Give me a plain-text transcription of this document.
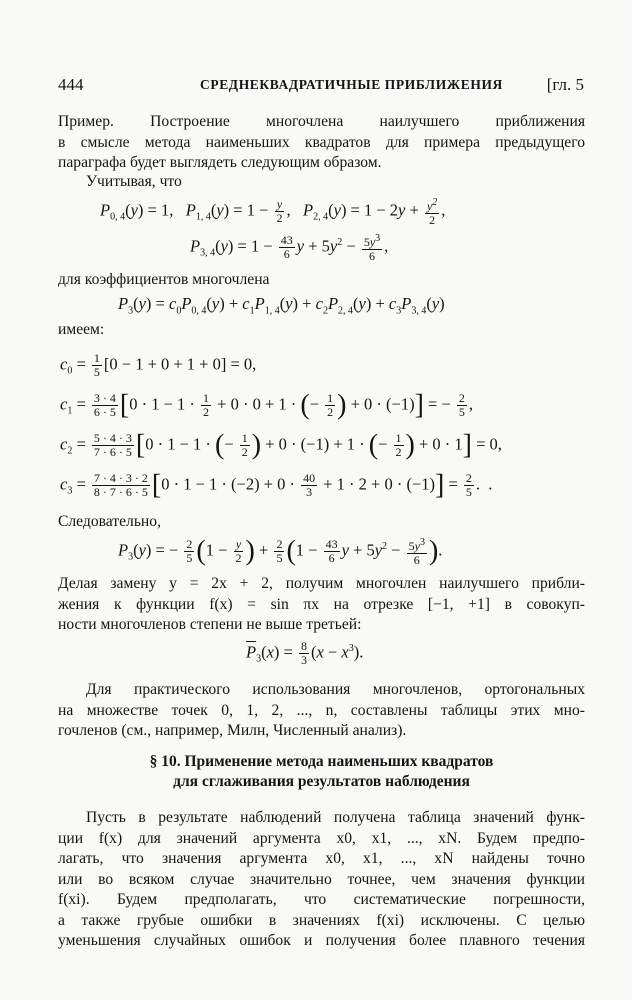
444	СРЕДНЕКВАДРАТИЧНЫЕ ПРИБЛИЖЕНИЯ	[гл. 5
Пример. Построение многочлена наилучшего приближения
в смысле метода наименьших квадратов для примера предыдущего
параграфа будет выглядеть следующим образом.
Учитывая, что
$P_{0, 4}(y) = 1$,   $P_{1, 4}(y) = 1 - \frac{y}{2}$ ,   $P_{2, 4}(y) = 1 - 2y + \frac{y^2}{2}$ ,
$P_{3, 4}(y) = 1 - \frac{43}{6}$ $y + 5y^2 - \frac{5y^3}{6}$ ,
для коэффициентов многочлена
$P_3(y) = c_0P_{0, 4}(y) + c_1P_{1, 4}(y) + c_2P_{2, 4}(y) + c_3P_{3, 4}(y)$
имеем:
$c_0 = \frac{1}{5} [0 - 1 + 0 + 1 + 0] = 0$,
$c_1 = \frac{3 \cdot 4}{6 \cdot 5} [0 \cdot 1 - 1 \cdot \frac{1}{2} + 0 \cdot 0 + 1$ · (− $\frac{1}{2}$ ) + 0 · (−1)] = − $\frac{2}{5}$ ,
$c_2 = \frac{5 \cdot 4 \cdot 3}{7 \cdot 6 \cdot 5} [0 \cdot 1 - 1$ · (− $\frac{1}{2}$ ) + 0 · (−1) + 1 · (− $\frac{1}{2}$ ) + 0 · 1] = 0,
$c_3 = \frac{7 \cdot 4 \cdot 3 \cdot 2}{8 \cdot 7 \cdot 6 \cdot 5} [0 \cdot 1 - 1 \cdot (-2) + 0 \cdot \frac{40}{3} + 1 \cdot 2 + 0 \cdot (-1)] = \frac{2}{5}$ .  .
Следовательно,
$P_3(y)$ = − $\frac{2}{5} (1 - \frac{y}{2}$ ) + $\frac{2}{5} (1 - \frac{43}{6}$ $y + 5y^2 - \frac{5y^3}{6}$ ).
Делая замену y = 2x + 2, получим многочлен наилучшего прибли-
жения к функции f(x) = sin πx на отрезке [−1, +1] в совокуп-
ности многочленов степени не выше третьей:
$\overline{P}_3(x) = \frac{8}{3} (x - x^3)$.
Для практического использования многочленов, ортогональных
на множестве точек 0, 1, 2, ..., n, составлены таблицы этих мно-
гочленов (см., например, Милн, Численный анализ).
§ 10. Применение метода наименьших квадратов
для сглаживания результатов наблюдения
Пусть в результате наблюдений получена таблица значений функ-
ции f(x) для значений аргумента x0, x1, ..., xN. Будем предпо-
лагать, что значения аргумента x0, x1, ..., xN найдены точно
или во всяком случае значительно точнее, чем значения функции
f(xi). Будем предполагать, что систематические погрешности,
а также грубые ошибки в значениях f(xi) исключены. С целью
уменьшения случайных ошибок и получения более плавного течения
